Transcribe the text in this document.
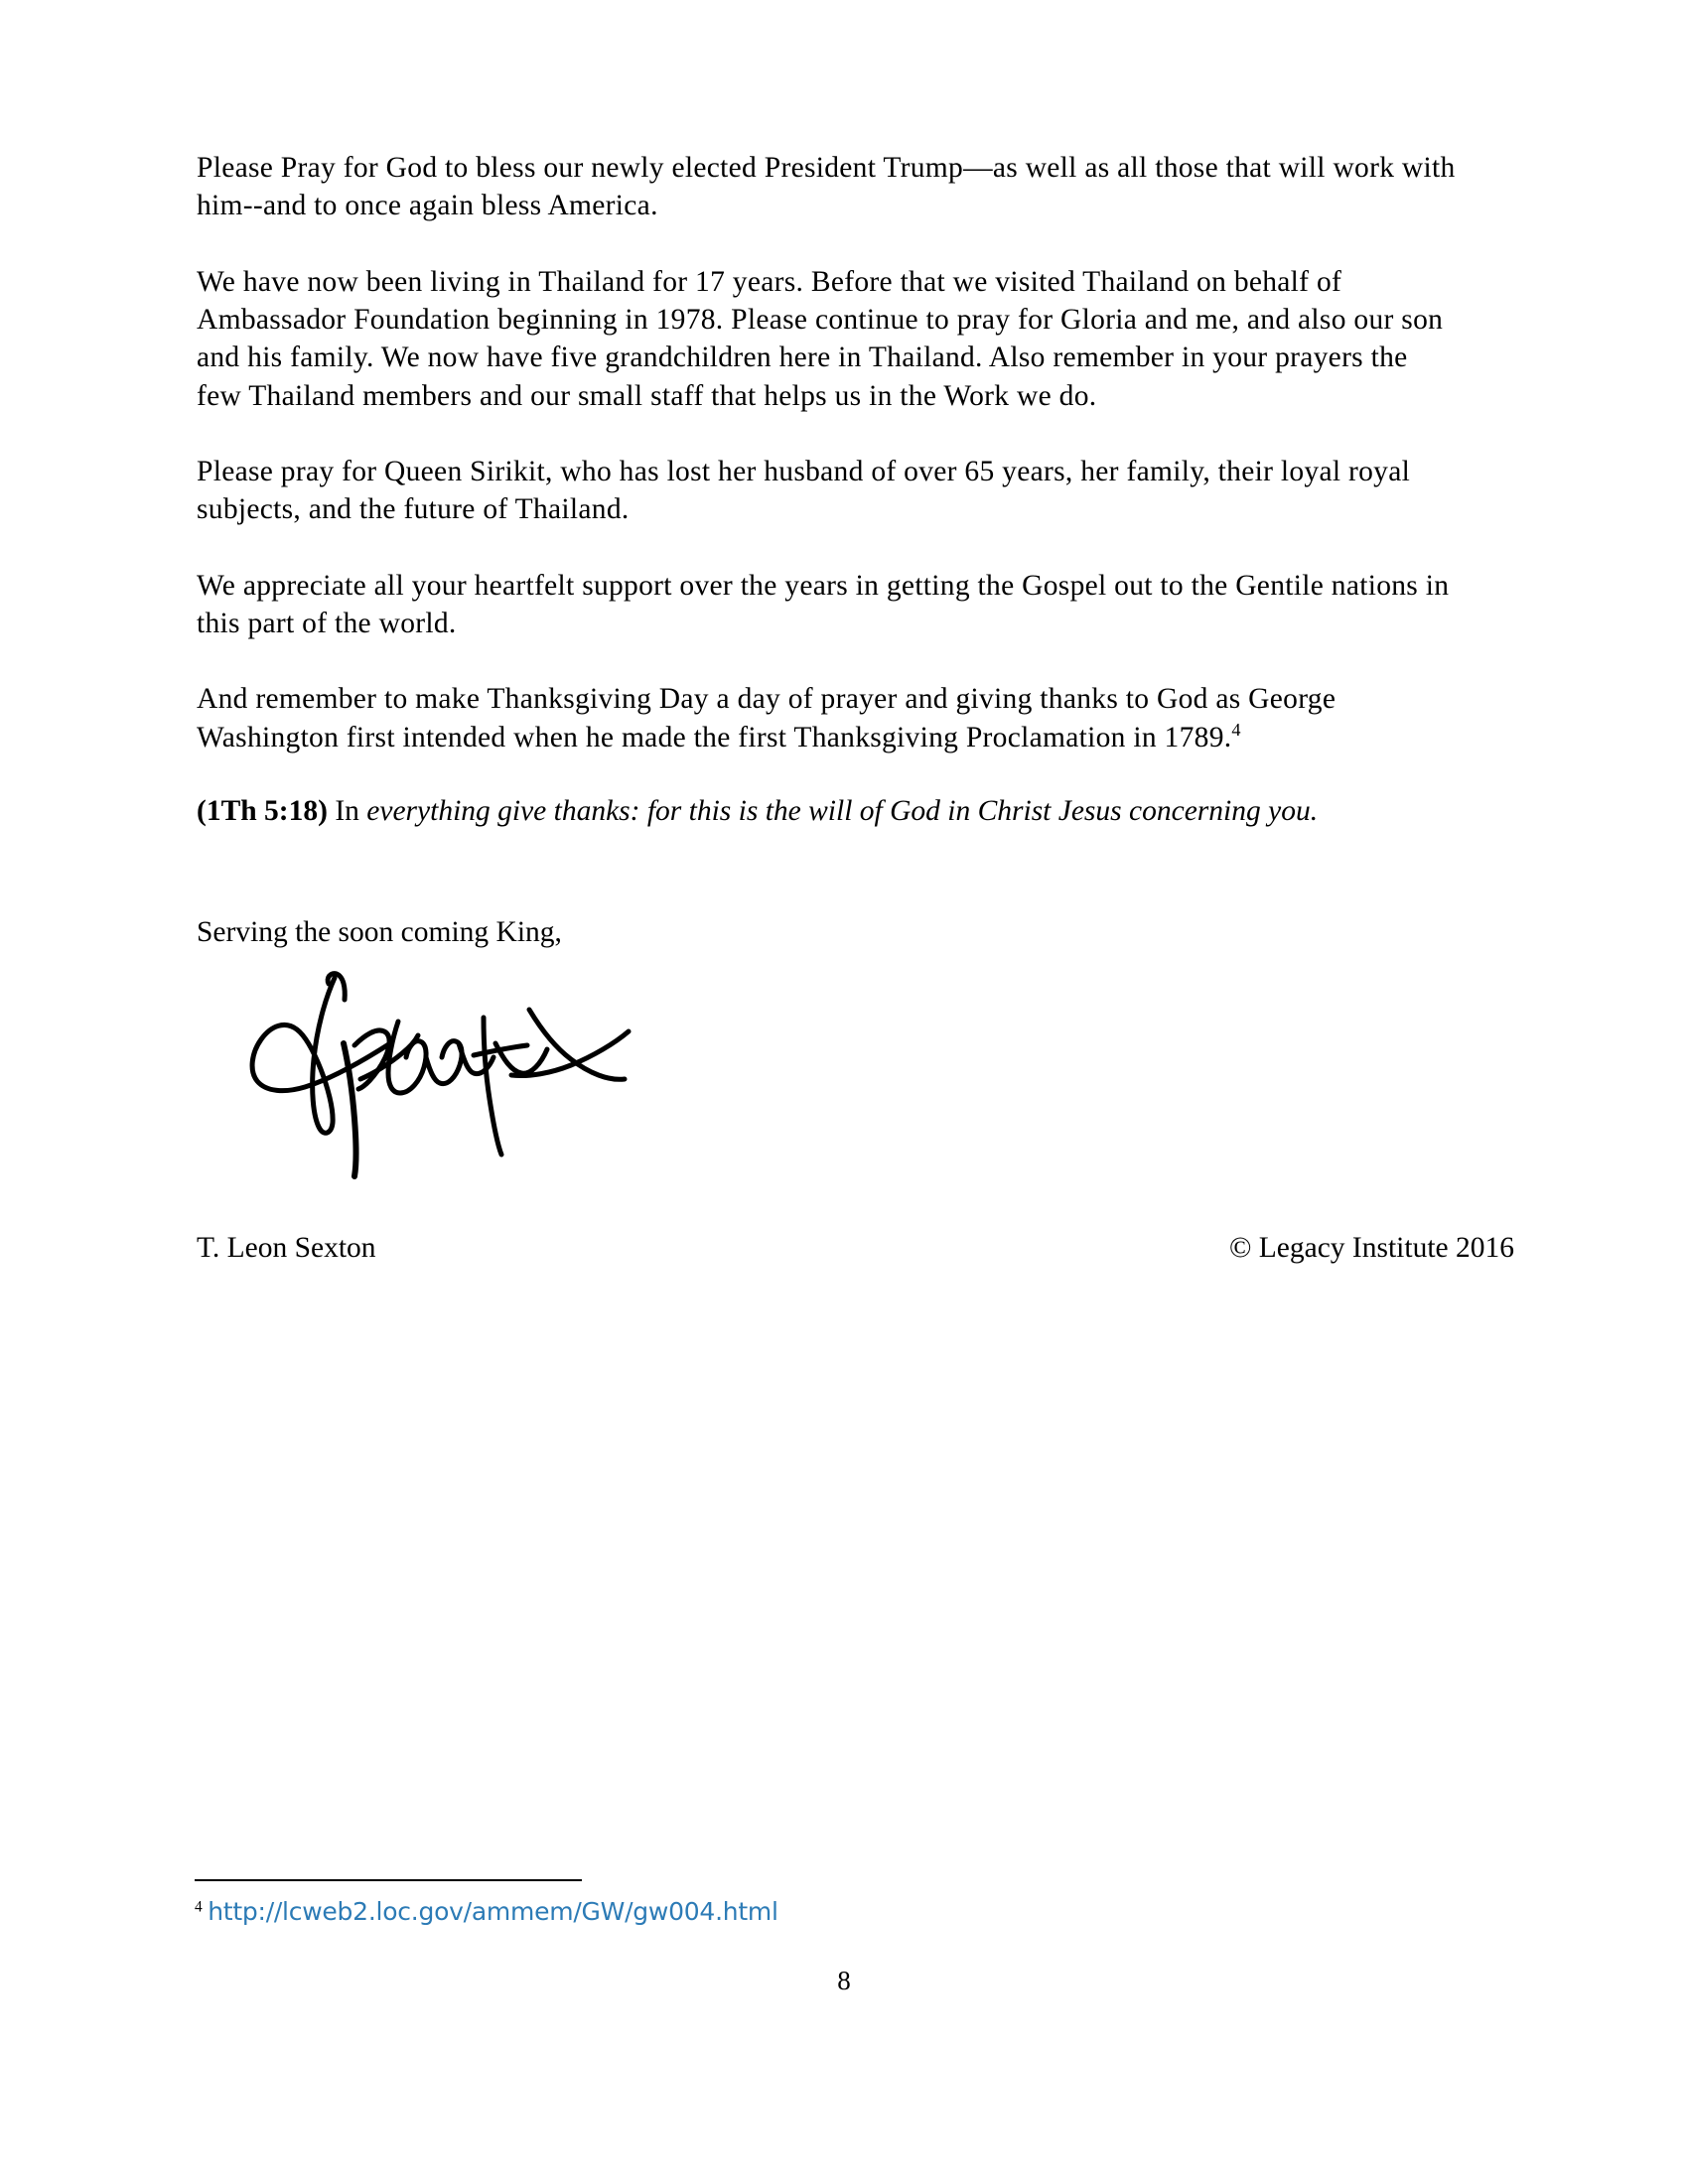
Please Pray for God to bless our newly elected President Trump—as well as all those that will work with him--and to once again bless America.

We have now been living in Thailand for 17 years. Before that we visited Thailand on behalf of Ambassador Foundation beginning in 1978. Please continue to pray for Gloria and me, and also our son and his family. We now have five grandchildren here in Thailand. Also remember in your prayers the few Thailand members and our small staff that helps us in the Work we do.

Please pray for Queen Sirikit, who has lost her husband of over 65 years, her family, their loyal royal subjects, and the future of Thailand.

We appreciate all your heartfelt support over the years in getting the Gospel out to the Gentile nations in this part of the world.

And remember to make Thanksgiving Day a day of prayer and giving thanks to God as George Washington first intended when he made the first Thanksgiving Proclamation in 1789.$^4$

(1Th 5:18) In everything give thanks: for this is the will of God in Christ Jesus concerning you.

Serving the soon coming King,
T. Leon Sexton	© Legacy Institute 2016
$^4$ http://lcweb2.loc.gov/ammem/GW/gw004.html
8
